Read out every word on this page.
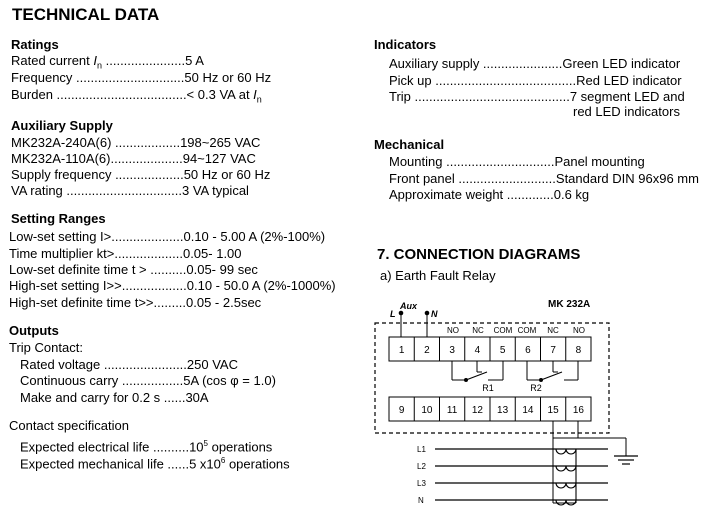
TECHNICAL DATA
Ratings
Rated current $I_n$ ......................5 A
Frequency ..............................50 Hz or 60 Hz
Burden ....................................< 0.3 VA at $I_n$
Auxiliary Supply
MK232A-240A(6) ..................198~265 VAC
MK232A-110A(6)....................94~127 VAC
Supply frequency ...................50 Hz or 60 Hz
VA rating ................................3 VA typical
Setting Ranges
Low-set setting I>....................0.10 - 5.00 A (2%-100%)
Time multiplier kt>...................0.05- 1.00
Low-set definite time t > ..........0.05- 99 sec
High-set setting I>>..................0.10 - 50.0 A (2%-1000%)
High-set definite time t>>.........0.05 - 2.5sec
Outputs
Trip Contact:
Rated voltage .......................250 VAC
Continuous carry .................5A (cos φ = 1.0)
Make and carry for 0.2 s ......30A
Contact specification
Expected electrical life ..........10$^5$ operations
Expected mechanical life ......5 $x10^6$ operations
Indicators
Auxiliary supply ......................Green LED indicator
Pick up .......................................Red LED indicator
Trip ...........................................7 segment LED and
red LED indicators
Mechanical
Mounting ..............................Panel mounting
Front panel ...........................Standard DIN 96x96 mm
Approximate weight .............0.6 kg
7. CONNECTION DIAGRAMS
a) Earth Fault Relay
MK 232A
L
Aux
N
NO NC COM COM NC NO
1 2 3 4 5 6 7 8
R1	R2
9 10 11 12 13 14 15 16
L1
L2
L3
N
